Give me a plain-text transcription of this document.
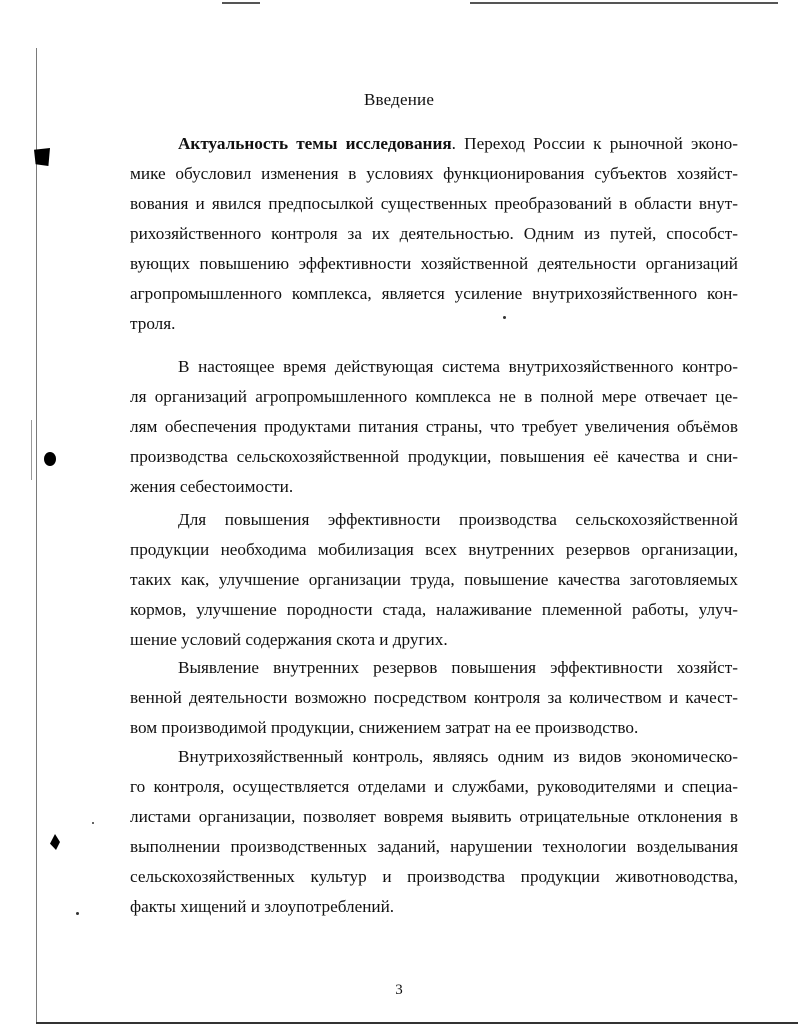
Введение
Актуальность темы исследования. Переход России к рыночной эконо-
мике обусловил изменения в условиях функционирования субъектов хозяйст-
вования и явился предпосылкой существенных преобразований в области внут-
рихозяйственного контроля за их деятельностью. Одним из путей, способст-
вующих повышению эффективности хозяйственной деятельности организаций
агропромышленного комплекса, является усиление внутрихозяйственного кон-
троля.
В настоящее время действующая система внутрихозяйственного контро-
ля организаций агропромышленного комплекса не в полной мере отвечает це-
лям обеспечения продуктами питания страны, что требует увеличения объёмов
производства сельскохозяйственной продукции, повышения её качества и сни-
жения себестоимости.
Для повышения эффективности производства сельскохозяйственной
продукции необходима мобилизация всех внутренних резервов организации,
таких как, улучшение организации труда, повышение качества заготовляемых
кормов, улучшение породности стада, налаживание племенной работы, улуч-
шение условий содержания скота и других.
Выявление внутренних резервов повышения эффективности хозяйст-
венной деятельности возможно посредством контроля за количеством и качест-
вом производимой продукции, снижением затрат на ее производство.
Внутрихозяйственный контроль, являясь одним из видов экономическо-
го контроля, осуществляется отделами и службами, руководителями и специа-
листами организации, позволяет вовремя выявить отрицательные отклонения в
выполнении производственных заданий, нарушении технологии возделывания
сельскохозяйственных культур и производства продукции животноводства,
факты хищений и злоупотреблений.
3
